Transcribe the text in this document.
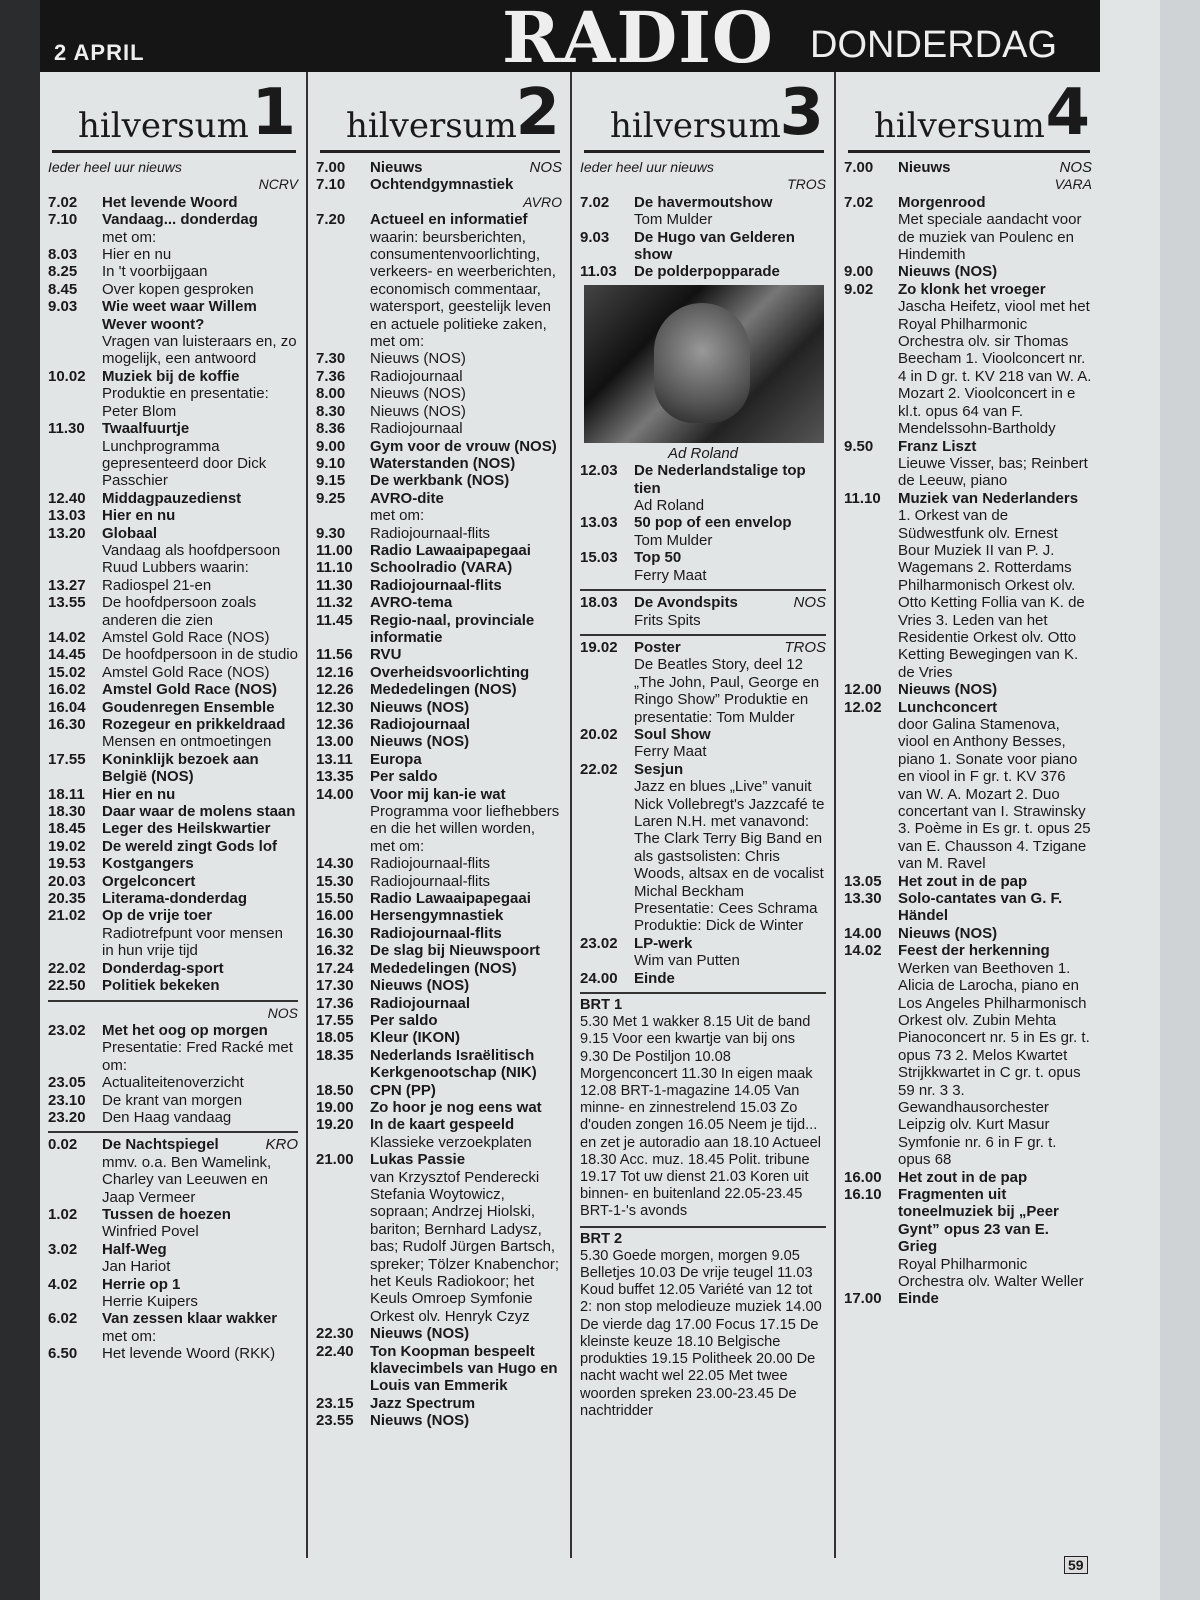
2 APRIL	RADIO DONDERDAG
hilversum 1
Ieder heel uur nieuws
NCRV
7.02	Het levende Woord
7.10	Vandaag... donderdag
met om:
8.03	Hier en nu
8.25	In 't voorbijgaan
8.45	Over kopen gesproken
9.03	Wie weet waar Willem Wever woont?
Vragen van luisteraars en, zo mogelijk, een antwoord
10.02	Muziek bij de koffie
Produktie en presentatie: Peter Blom
11.30	Twaalfuurtje
Lunchprogramma gepresenteerd door Dick Passchier
12.40	Middagpauzedienst
13.03	Hier en nu
13.20	Globaal
Vandaag als hoofdpersoon Ruud Lubbers waarin:
13.27	Radiospel 21-en
13.55	De hoofdpersoon zoals anderen die zien
14.02	Amstel Gold Race (NOS)
14.45	De hoofdpersoon in de studio
15.02	Amstel Gold Race (NOS)
16.02	Amstel Gold Race (NOS)
16.04	Goudenregen Ensemble
16.30	Rozegeur en prikkeldraad
Mensen en ontmoetingen
17.55	Koninklijk bezoek aan België (NOS)
18.11	Hier en nu
18.30	Daar waar de molens staan
18.45	Leger des Heilskwartier
19.02	De wereld zingt Gods lof
19.53	Kostgangers
20.03	Orgelconcert
20.35	Literama-donderdag
21.02	Op de vrije toer
Radiotrefpunt voor mensen in hun vrije tijd
22.02	Donderdag-sport
22.50	Politiek bekeken
NOS
23.02	Met het oog op morgen
Presentatie: Fred Racké met om:
23.05	Actualiteitenoverzicht
23.10	De krant van morgen
23.20	Den Haag vandaag
0.02	De Nachtspiegel	KRO
mmv. o.a. Ben Wamelink, Charley van Leeuwen en Jaap Vermeer
1.02	Tussen de hoezen
Winfried Povel
3.02	Half-Weg
Jan Hariot
4.02	Herrie op 1
Herrie Kuipers
6.02	Van zessen klaar wakker
met om:
6.50	Het levende Woord (RKK)
hilversum
2
7.00	Nieuws	NOS
7.10	Ochtendgymnastiek
AVRO
7.20	Actueel en informatief
waarin: beursberichten, consumentenvoorlichting, verkeers- en weerberichten, economisch commentaar, watersport, geestelijk leven en actuele politieke zaken, met om:
7.30	Nieuws (NOS)
7.36	Radiojournaal
8.00	Nieuws (NOS)
8.30	Nieuws (NOS)
8.36	Radiojournaal
9.00	Gym voor de vrouw (NOS)
9.10	Waterstanden (NOS)
9.15	De werkbank (NOS)
9.25	AVRO-dite
met om:
9.30	Radiojournaal-flits
11.00	Radio Lawaaipapegaai
11.10	Schoolradio (VARA)
11.30	Radiojournaal-flits
11.32	AVRO-tema
11.45	Regio-naal, provinciale informatie
11.56	RVU
12.16	Overheidsvoorlichting
12.26	Mededelingen (NOS)
12.30	Nieuws (NOS)
12.36	Radiojournaal
13.00	Nieuws (NOS)
13.11	Europa
13.35	Per saldo
14.00	Voor mij kan-ie wat
Programma voor liefhebbers en die het willen worden, met om:
14.30	Radiojournaal-flits
15.30	Radiojournaal-flits
15.50	Radio Lawaaipapegaai
16.00	Hersengymnastiek
16.30	Radiojournaal-flits
16.32	De slag bij Nieuwspoort
17.24	Mededelingen (NOS)
17.30	Nieuws (NOS)
17.36	Radiojournaal
17.55	Per saldo
18.05	Kleur (IKON)
18.35	Nederlands Israëlitisch Kerkgenootschap (NIK)
18.50	CPN (PP)
19.00	Zo hoor je nog eens wat
19.20	In de kaart gespeeld
Klassieke verzoekplaten
21.00	Lukas Passie
van Krzysztof Penderecki Stefania Woytowicz, sopraan; Andrzej Hiolski, bariton; Bernhard Ladysz, bas; Rudolf Jürgen Bartsch, spreker; Tölzer Knabenchor; het Keuls Radiokoor; het Keuls Omroep Symfonie Orkest olv. Henryk Czyz
22.30	Nieuws (NOS)
22.40	Ton Koopman bespeelt klavecimbels van Hugo en Louis van Emmerik
23.15	Jazz Spectrum
23.55	Nieuws (NOS)
hilversum
3
Ieder heel uur nieuws
TROS
7.02	De havermoutshow
Tom Mulder
9.03	De Hugo van Gelderen show
11.03	De polderpopparade
Ad Roland
12.03	De Nederlandstalige top tien
Ad Roland
13.03	50 pop of een envelop
Tom Mulder
15.03	Top 50
Ferry Maat
18.03	De Avondspits	NOS
Frits Spits
19.02	Poster	TROS
De Beatles Story, deel 12 „The John, Paul, George en Ringo Show” Produktie en presentatie: Tom Mulder
20.02	Soul Show
Ferry Maat
22.02	Sesjun
Jazz en blues „Live” vanuit Nick Vollebregt's Jazzcafé te Laren N.H. met vanavond: The Clark Terry Big Band en als gastsolisten: Chris Woods, altsax en de vocalist Michal Beckham Presentatie: Cees Schrama Produktie: Dick de Winter
23.02	LP-werk
Wim van Putten
24.00	Einde
BRT 1
5.30 Met 1 wakker 8.15 Uit de band 9.15 Voor een kwartje van bij ons 9.30 De Postiljon 10.08 Morgenconcert 11.30 In eigen maak 12.08 BRT-1-magazine 14.05 Van minne- en zinnestrelend 15.03 Zo d'ouden zongen 16.05 Neem je tijd... en zet je autoradio aan 18.10 Actueel 18.30 Acc. muz. 18.45 Polit. tribune 19.17 Tot uw dienst 21.03 Koren uit binnen- en buitenland 22.05-23.45 BRT-1-'s avonds
BRT 2
5.30 Goede morgen, morgen 9.05 Belletjes 10.03 De vrije teugel 11.03 Koud buffet 12.05 Variété van 12 tot 2: non stop melodieuze muziek 14.00 De vierde dag 17.00 Focus 17.15 De kleinste keuze 18.10 Belgische produkties 19.15 Politheek 20.00 De nacht wacht wel 22.05 Met twee woorden spreken 23.00-23.45 De nachtridder
hilversum 4
7.00	Nieuws	NOS
VARA
7.02	Morgenrood
Met speciale aandacht voor de muziek van Poulenc en Hindemith
9.00	Nieuws (NOS)
9.02	Zo klonk het vroeger
Jascha Heifetz, viool met het Royal Philharmonic Orchestra olv. sir Thomas Beecham 1. Vioolconcert nr. 4 in D gr. t. KV 218 van W. A. Mozart 2. Vioolconcert in e kl.t. opus 64 van F. Mendelssohn-Bartholdy
9.50	Franz Liszt
Lieuwe Visser, bas; Reinbert de Leeuw, piano
11.10	Muziek van Nederlanders
1. Orkest van de Südwestfunk olv. Ernest Bour Muziek II van P. J. Wagemans 2. Rotterdams Philharmonisch Orkest olv. Otto Ketting Follia van K. de Vries 3. Leden van het Residentie Orkest olv. Otto Ketting Bewegingen van K. de Vries
12.00	Nieuws (NOS)
12.02	Lunchconcert
door Galina Stamenova, viool en Anthony Besses, piano 1. Sonate voor piano en viool in F gr. t. KV 376 van W. A. Mozart 2. Duo concertant van I. Strawinsky 3. Poème in Es gr. t. opus 25 van E. Chausson 4. Tzigane van M. Ravel
13.05	Het zout in de pap
13.30	Solo-cantates van G. F. Händel
14.00	Nieuws (NOS)
14.02	Feest der herkenning
Werken van Beethoven 1. Alicia de Larocha, piano en Los Angeles Philharmonisch Orkest olv. Zubin Mehta Pianoconcert nr. 5 in Es gr. t. opus 73 2. Melos Kwartet Strijkkwartet in C gr. t. opus 59 nr. 3 3. Gewandhausorchester Leipzig olv. Kurt Masur Symfonie nr. 6 in F gr. t. opus 68
16.00	Het zout in de pap
16.10	Fragmenten uit toneelmuziek bij „Peer Gynt” opus 23 van E. Grieg
Royal Philharmonic Orchestra olv. Walter Weller
17.00	Einde
59
